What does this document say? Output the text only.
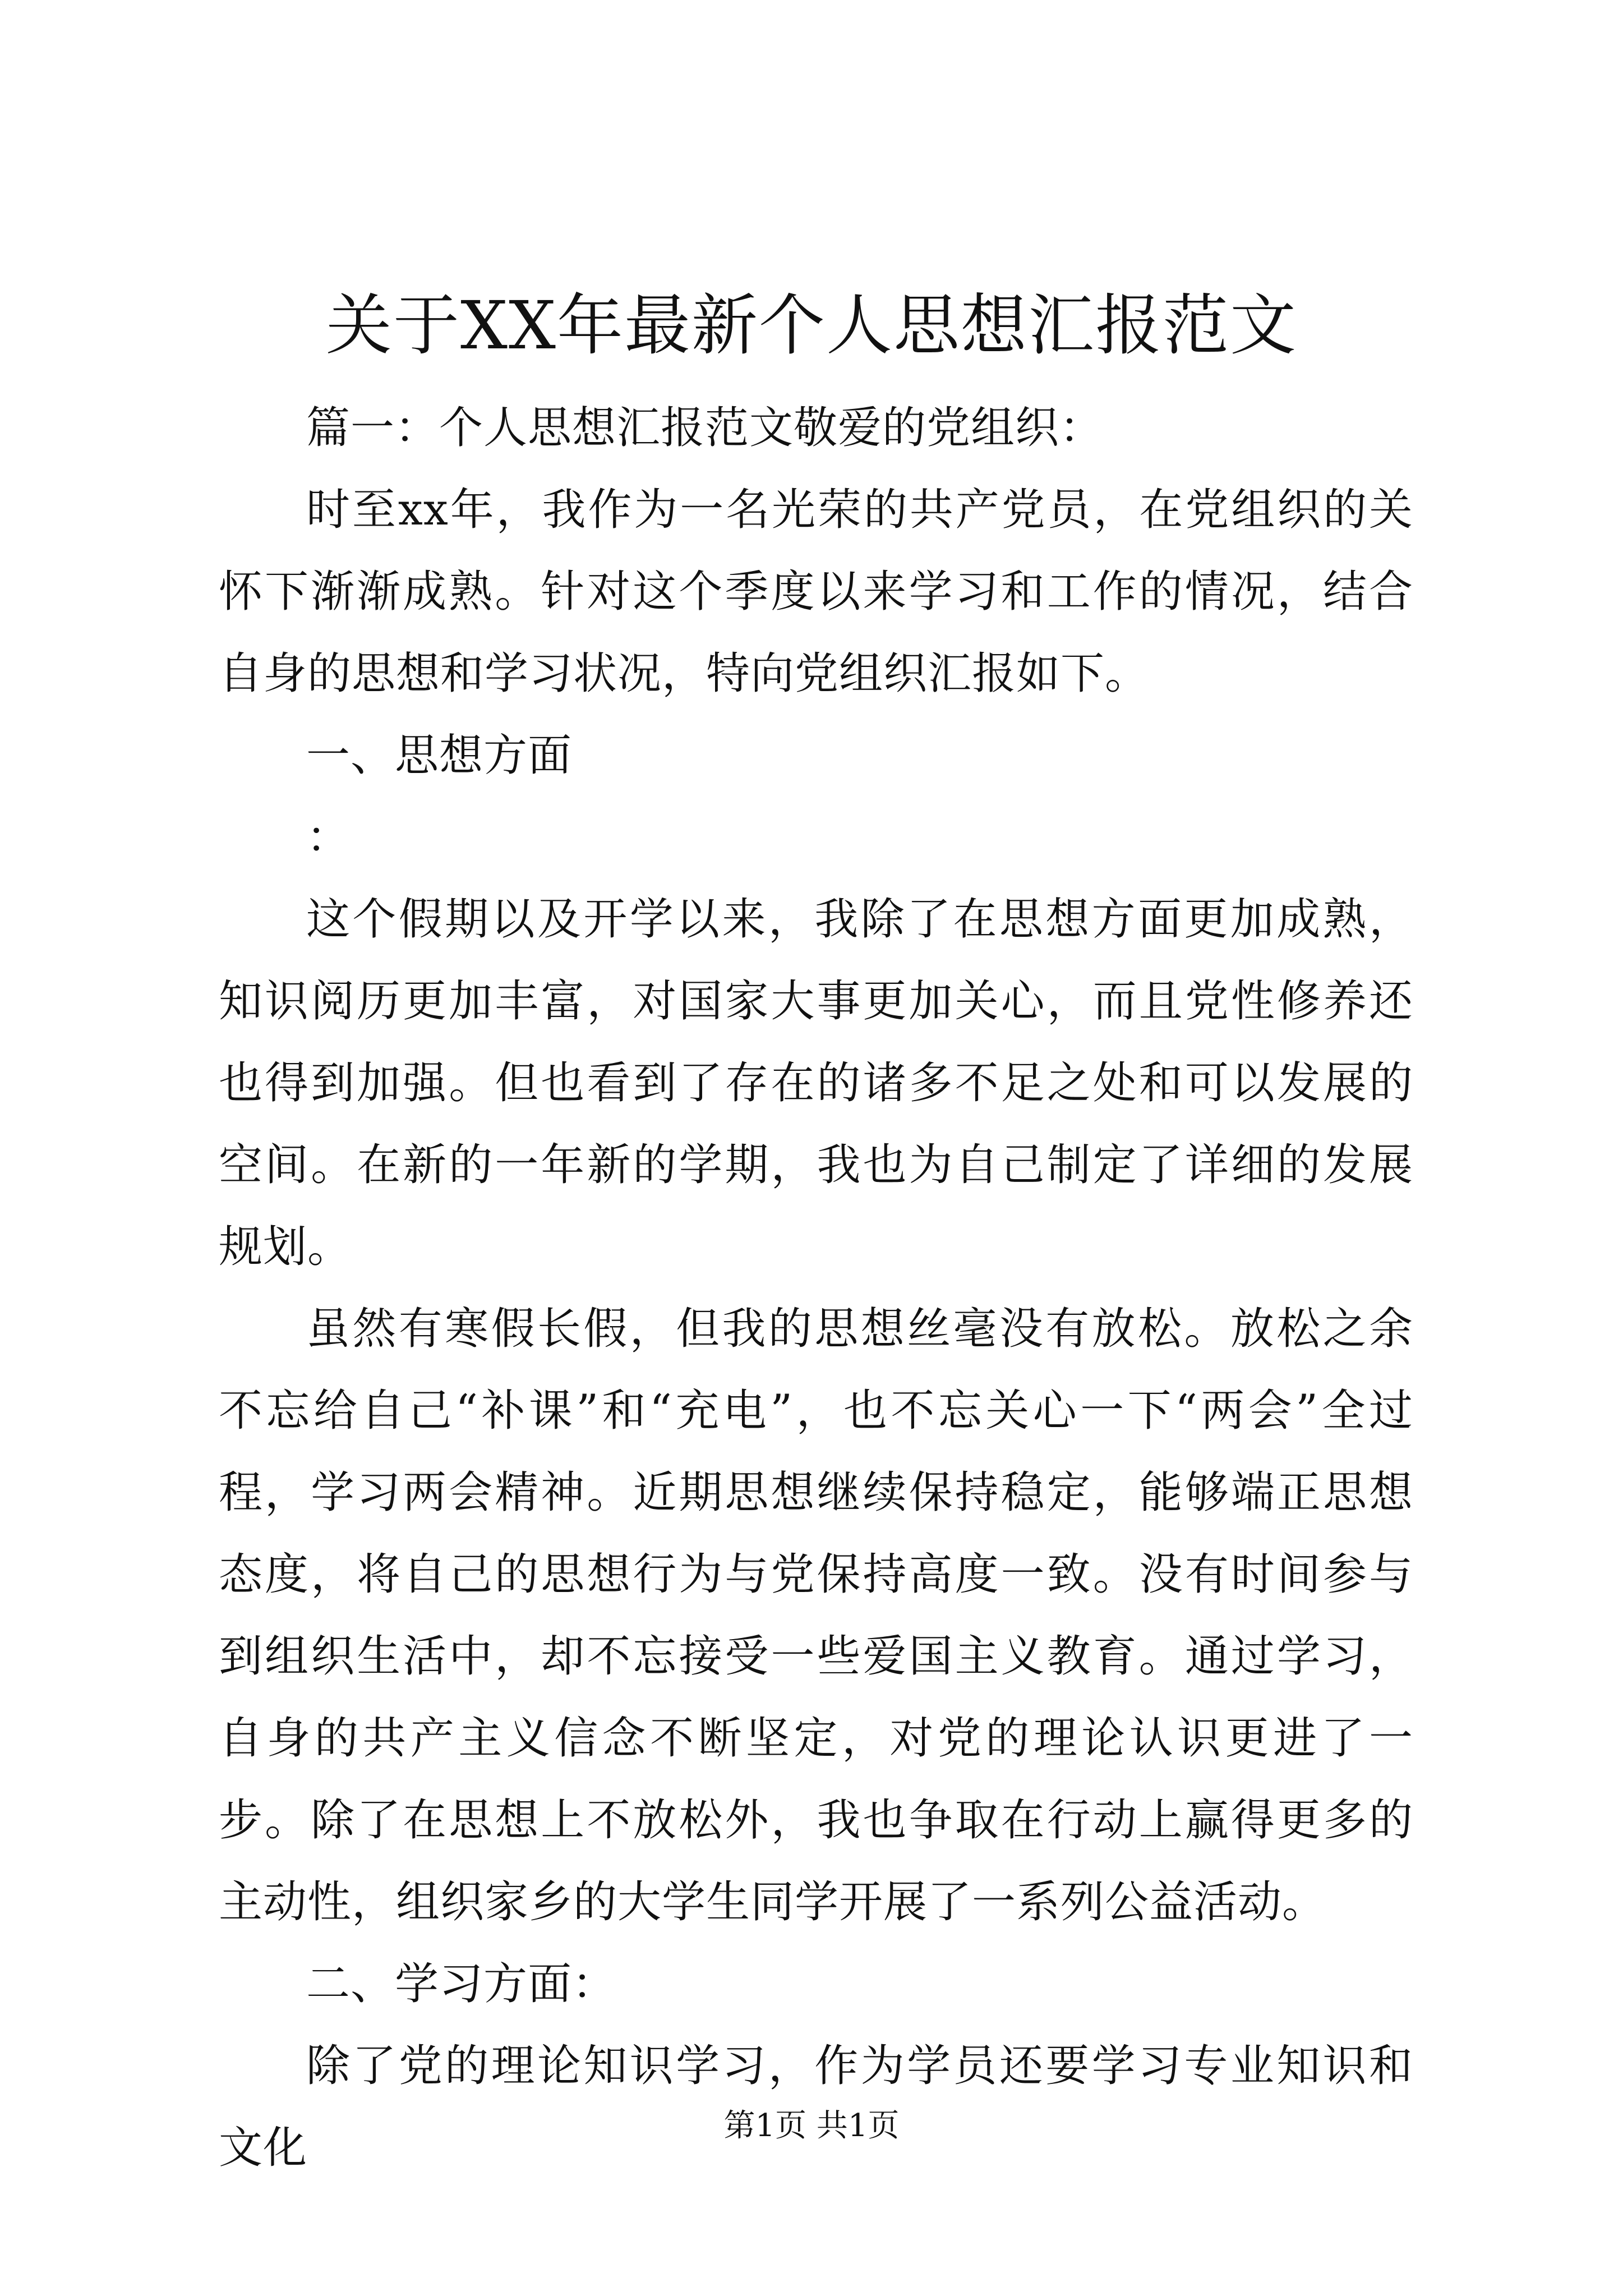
关于XX年最新个人思想汇报范文

篇一：个人思想汇报范文敬爱的党组织：

时至xx年，我作为一名光荣的共产党员，在党组织的关怀下渐渐成熟。针对这个季度以来学习和工作的情况，结合自身的思想和学习状况，特向党组织汇报如下。

一、思想方面

：

这个假期以及开学以来，我除了在思想方面更加成熟，知识阅历更加丰富，对国家大事更加关心，而且党性修养还也得到加强。但也看到了存在的诸多不足之处和可以发展的空间。在新的一年新的学期，我也为自己制定了详细的发展规划。

虽然有寒假长假，但我的思想丝毫没有放松。放松之余不忘给自己“补课”和“充电”，也不忘关心一下“两会”全过程，学习两会精神。近期思想继续保持稳定，能够端正思想态度，将自己的思想行为与党保持高度一致。没有时间参与到组织生活中，却不忘接受一些爱国主义教育。通过学习，自身的共产主义信念不断坚定，对党的理论认识更进了一步。除了在思想上不放松外，我也争取在行动上赢得更多的主动性，组织家乡的大学生同学开展了一系列公益活动。

二、学习方面：

除了党的理论知识学习，作为学员还要学习专业知识和文化	第1页 共1页
